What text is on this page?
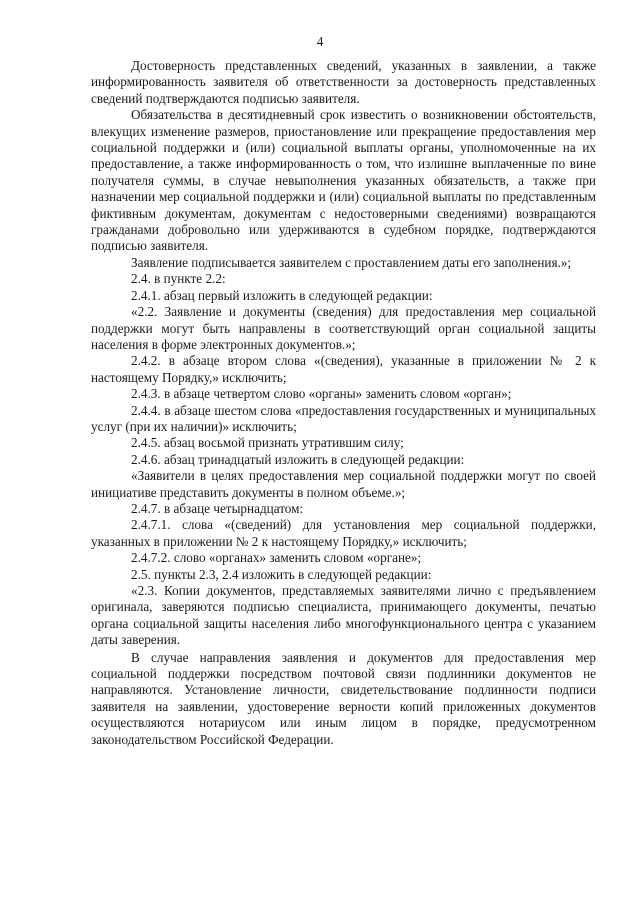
4

Достоверность представленных сведений, указанных в заявлении, а также информированность заявителя об ответственности за достоверность представленных сведений подтверждаются подписью заявителя.

Обязательства в десятидневный срок известить о возникновении обстоятельств, влекущих изменение размеров, приостановление или прекращение предоставления мер социальной поддержки и (или) социальной выплаты органы, уполномоченные на их предоставление, а также информированность о том, что излишне выплаченные по вине получателя суммы, в случае невыполнения указанных обязательств, а также при назначении мер социальной поддержки и (или) социальной выплаты по представленным фиктивным документам, документам с недостоверными сведениями) возвращаются гражданами добровольно или удерживаются в судебном порядке, подтверждаются подписью заявителя.

Заявление подписывается заявителем с проставлением даты его заполнения.»;

2.4. в пункте 2.2:

2.4.1. абзац первый изложить в следующей редакции:

«2.2. Заявление и документы (сведения) для предоставления мер социальной поддержки могут быть направлены в соответствующий орган социальной защиты населения в форме электронных документов.»;

2.4.2. в абзаце втором слова «(сведения), указанные в приложении № 2 к настоящему Порядку,» исключить;

2.4.3. в абзаце четвертом слово «органы» заменить словом «орган»;

2.4.4. в абзаце шестом слова «предоставления государственных и муниципальных услуг (при их наличии)» исключить;

2.4.5. абзац восьмой признать утратившим силу;

2.4.6. абзац тринадцатый изложить в следующей редакции:

«Заявители в целях предоставления мер социальной поддержки могут по своей инициативе представить документы в полном объеме.»;

2.4.7. в абзаце четырнадцатом:

2.4.7.1. слова «(сведений) для установления мер социальной поддержки, указанных в приложении № 2 к настоящему Порядку,» исключить;

2.4.7.2. слово «органах» заменить словом «органе»;

2.5. пункты 2.3, 2.4 изложить в следующей редакции:

«2.3. Копии документов, представляемых заявителями лично с предъявлением оригинала, заверяются подписью специалиста, принимающего документы, печатью органа социальной защиты населения либо многофункционального центра с указанием даты заверения.

В случае направления заявления и документов для предоставления мер социальной поддержки посредством почтовой связи подлинники документов не направляются. Установление личности, свидетельствование подлинности подписи заявителя на заявлении, удостоверение верности копий приложенных документов осуществляются нотариусом или иным лицом в порядке, предусмотренном законодательством Российской Федерации.
